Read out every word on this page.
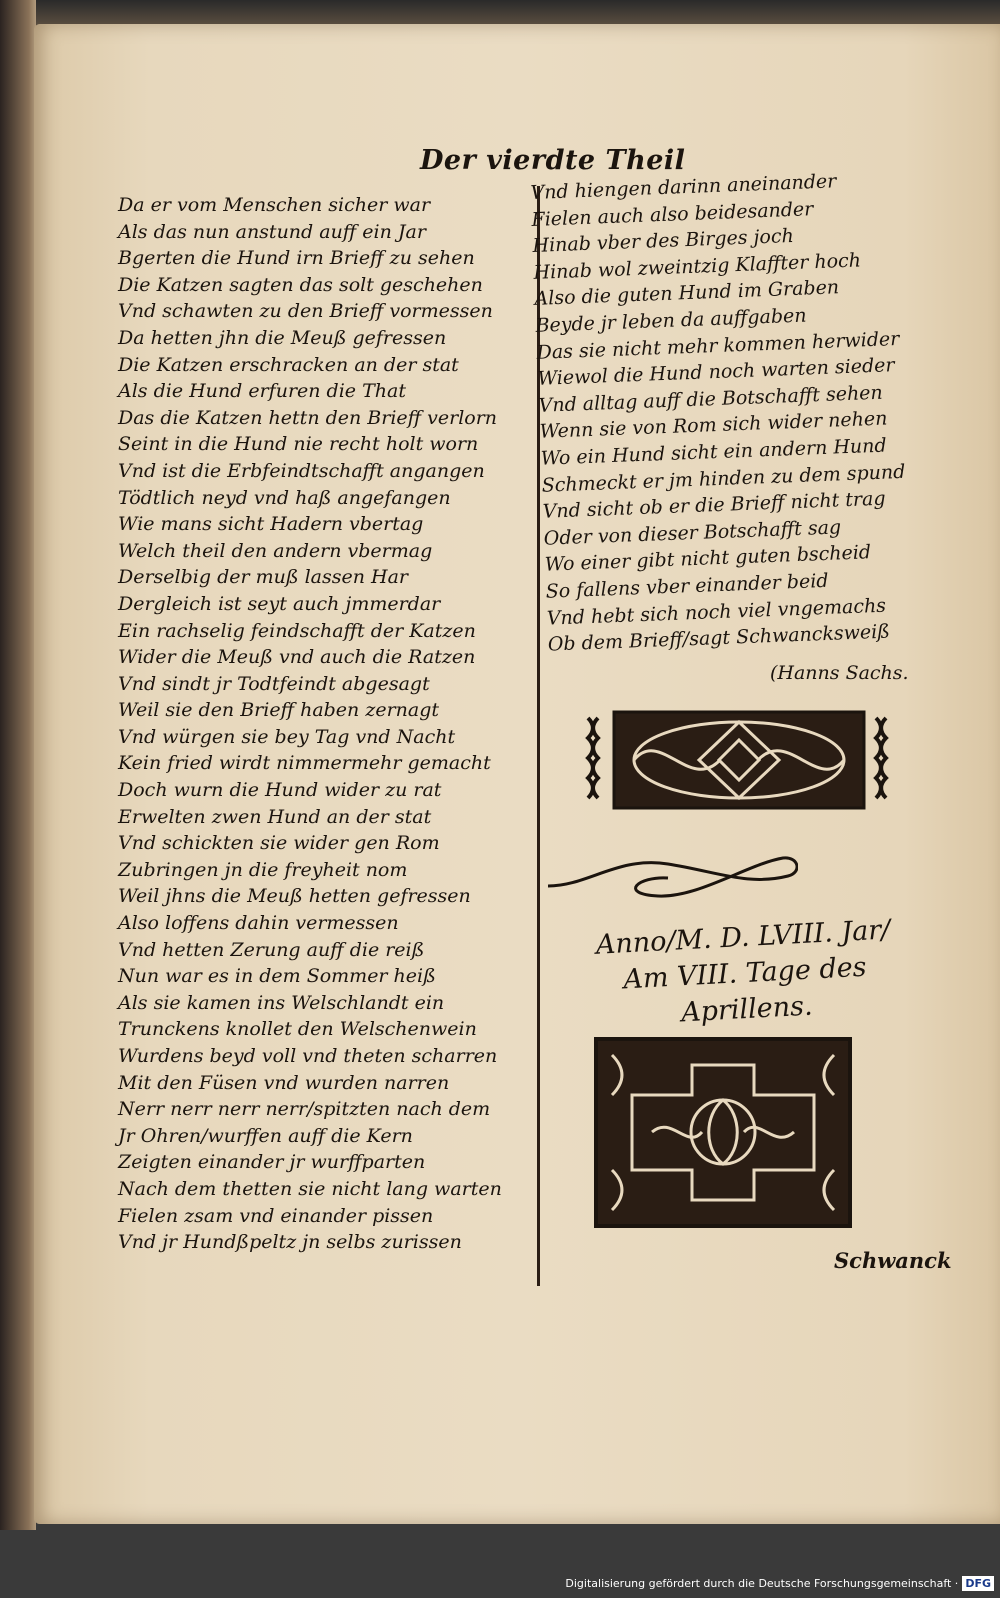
Der vierdte Theil
Da er vom Menschen sicher war
Als das nun anstund auff ein Jar
Bgerten die Hund irn Brieff zu sehen
Die Katzen sagten das solt geschehen
Vnd schawten zu den Brieff vormessen
Da hetten jhn die Meuß gefressen
Die Katzen erschracken an der stat
Als die Hund erfuren die That
Das die Katzen hettn den Brieff verlorn
Seint in die Hund nie recht holt worn
Vnd ist die Erbfeindtschafft angangen
Tödtlich neyd vnd haß angefangen
Wie mans sicht Hadern vbertag
Welch theil den andern vbermag
Derselbig der muß lassen Har
Dergleich ist seyt auch jmmerdar
Ein rachselig feindschafft der Katzen
Wider die Meuß vnd auch die Ratzen
Vnd sindt jr Todtfeindt abgesagt
Weil sie den Brieff haben zernagt
Vnd würgen sie bey Tag vnd Nacht
Kein fried wirdt nimmermehr gemacht
Doch wurn die Hund wider zu rat
Erwelten zwen Hund an der stat
Vnd schickten sie wider gen Rom
Zubringen jn die freyheit nom
Weil jhns die Meuß hetten gefressen
Also loffens dahin vermessen
Vnd hetten Zerung auff die reiß
Nun war es in dem Sommer heiß
Als sie kamen ins Welschlandt ein
Trunckens knollet den Welschenwein
Wurdens beyd voll vnd theten scharren
Mit den Füsen vnd wurden narren
Nerr nerr nerr nerr/spitzten nach dem
Jr Ohren/wurffen auff die Kern
Zeigten einander jr wurffparten
Nach dem thetten sie nicht lang warten
Fielen zsam vnd einander pissen
Vnd jr Hundßpeltz jn selbs zurissen
Vnd hiengen darinn aneinander
Fielen auch also beidesander
Hinab vber des Birges joch
Hinab wol zweintzig Klaffter hoch
Also die guten Hund im Graben
Beyde jr leben da auffgaben
Das sie nicht mehr kommen herwider
Wiewol die Hund noch warten sieder
Vnd alltag auff die Botschafft sehen
Wenn sie von Rom sich wider nehen
Wo ein Hund sicht ein andern Hund
Schmeckt er jm hinden zu dem spund
Vnd sicht ob er die Brieff nicht trag
Oder von dieser Botschafft sag
Wo einer gibt nicht guten bscheid
So fallens vber einander beid
Vnd hebt sich noch viel vngemachs
Ob dem Brieff/sagt Schwancksweiß
(Hanns Sachs.
Anno/M. D. LVIII. Jar/
Am VIII. Tage des
Aprillens.
Schwanck
Digitalisierung gefördert durch die Deutsche Forschungsgemeinschaft · DFG
